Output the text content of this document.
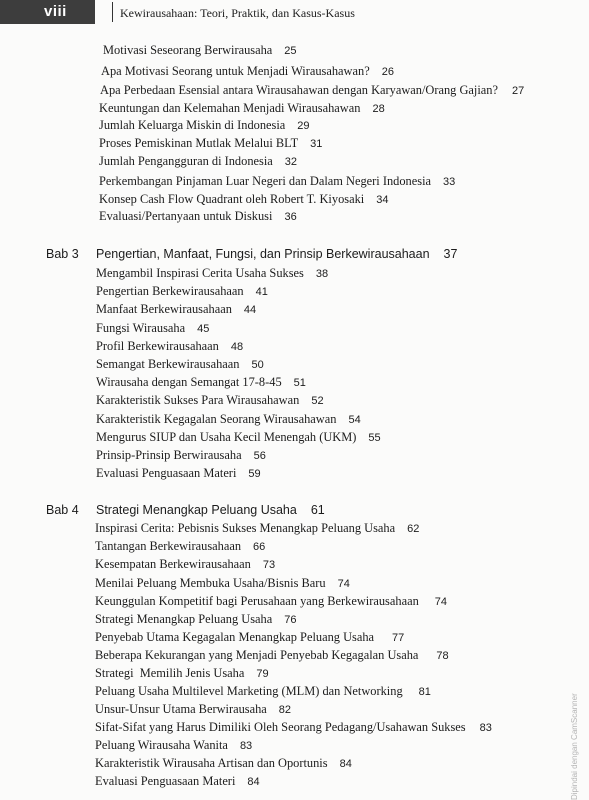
viii	Kewirausahaan: Teori, Praktik, dan Kasus-Kasus
Motivasi Seseorang Berwirausaha 25
Apa Motivasi Seorang untuk Menjadi Wirausahawan? 26
Apa Perbedaan Esensial antara Wirausahawan dengan Karyawan/Orang Gajian? 27
Keuntungan dan Kelemahan Menjadi Wirausahawan 28
Jumlah Keluarga Miskin di Indonesia 29
Proses Pemiskinan Mutlak Melalui BLT 31
Jumlah Pengangguran di Indonesia 32
Perkembangan Pinjaman Luar Negeri dan Dalam Negeri Indonesia 33
Konsep Cash Flow Quadrant oleh Robert T. Kiyosaki 34
Evaluasi/Pertanyaan untuk Diskusi 36
Bab 3 Pengertian, Manfaat, Fungsi, dan Prinsip Berkewirausahaan 37
Mengambil Inspirasi Cerita Usaha Sukses 38
Pengertian Berkewirausahaan 41
Manfaat Berkewirausahaan 44
Fungsi Wirausaha 45
Profil Berkewirausahaan 48
Semangat Berkewirausahaan 50
Wirausaha dengan Semangat 17-8-45 51
Karakteristik Sukses Para Wirausahawan 52
Karakteristik Kegagalan Seorang Wirausahawan 54
Mengurus SIUP dan Usaha Kecil Menengah (UKM) 55
Prinsip-Prinsip Berwirausaha 56
Evaluasi Penguasaan Materi 59
Bab 4 Strategi Menangkap Peluang Usaha 61
Inspirasi Cerita: Pebisnis Sukses Menangkap Peluang Usaha 62
Tantangan Berkewirausahaan 66
Kesempatan Berkewirausahaan 73
Menilai Peluang Membuka Usaha/Bisnis Baru 74
Keunggulan Kompetitif bagi Perusahaan yang Berkewirausahaan 74
Strategi Menangkap Peluang Usaha 76
Penyebab Utama Kegagalan Menangkap Peluang Usaha 77
Beberapa Kekurangan yang Menjadi Penyebab Kegagalan Usaha 78
Strategi  Memilih Jenis Usaha 79
Peluang Usaha Multilevel Marketing (MLM) dan Networking 81
Unsur-Unsur Utama Berwirausaha 82
Sifat-Sifat yang Harus Dimiliki Oleh Seorang Pedagang/Usahawan Sukses 83
Peluang Wirausaha Wanita 83
Karakteristik Wirausaha Artisan dan Oportunis 84
Evaluasi Penguasaan Materi 84	Dipindai dengan CamScanner
